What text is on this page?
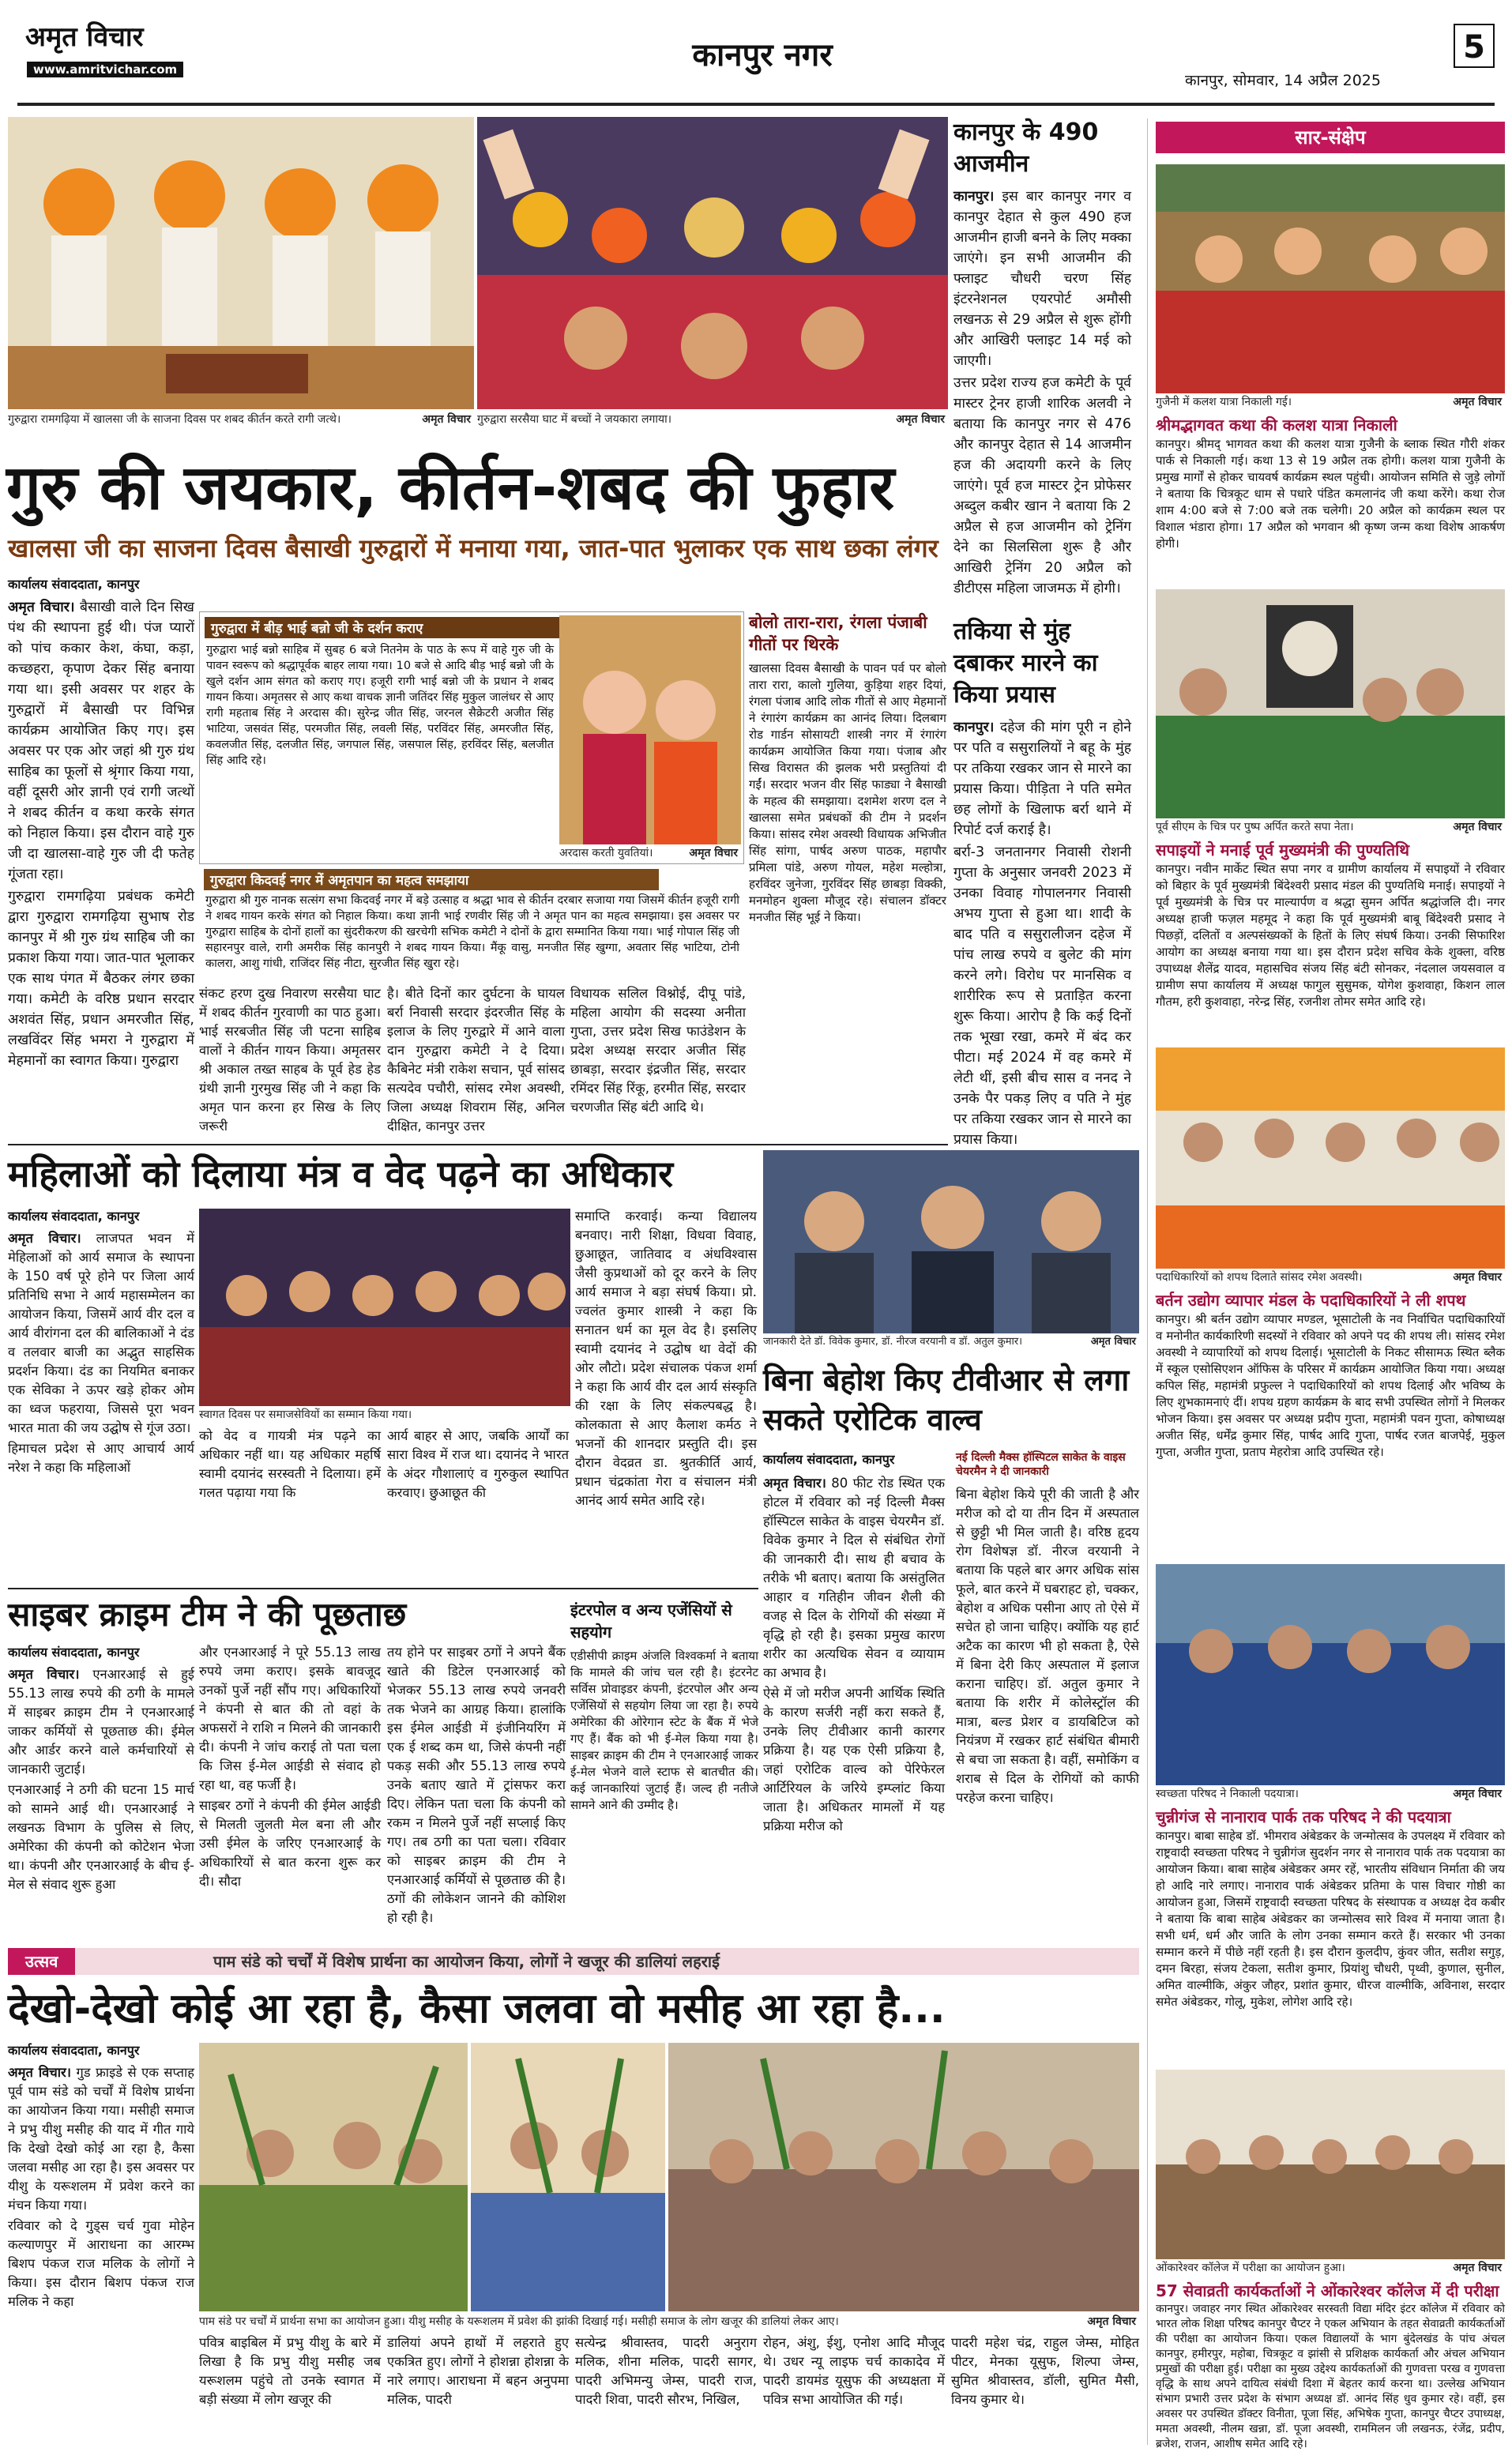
अमृत विचार
www.amritvichar.com	कानपुर नगर
कानपुर, सोमवार, 14 अप्रैल 2025
5
गुरुद्वारा रामगढ़िया में खालसा जी के साजना दिवस पर शबद कीर्तन करते रागी जत्थे।	अमृत विचार गुरुद्वारा सरसैया घाट में बच्चों ने जयकारा लगाया।	अमृत विचार
कानपुर के 490 आजमीन

कानपुर। इस बार कानपुर नगर व कानपुर देहात से कुल 490 हज आजमीन हाजी बनने के लिए मक्का जाएंगे। इन सभी आजमीन की फ्लाइट चौधरी चरण सिंह इंटरनेशनल एयरपोर्ट अमौसी लखनऊ से 29 अप्रैल से शुरू होंगी और आखिरी फ्लाइट 14 मई को जाएगी।

उत्तर प्रदेश राज्य हज कमेटी के पूर्व मास्टर ट्रेनर हाजी शारिक अलवी ने बताया कि कानपुर नगर से 476 और कानपुर देहात से 14 आजमीन हज की अदायगी करने के लिए जाएंगे। पूर्व हज मास्टर ट्रेन प्रोफेसर अब्दुल कबीर खान ने बताया कि 2 अप्रैल से हज आजमीन को ट्रेनिंग देने का सिलसिला शुरू है और आखिरी ट्रेनिंग 20 अप्रैल को डीटीएस महिला जाजमऊ में होगी।

सार-संक्षेप
गुजैनी में कलश यात्रा निकाली गई।	अमृत विचार
श्रीमद्भागवत कथा की कलश यात्रा निकाली

कानपुर। श्रीमद् भागवत कथा की कलश यात्रा गुजैनी के ब्लाक स्थित गौरी शंकर पार्क से निकाली गई। कथा 13 से 19 अप्रैल तक होगी। कलश यात्रा गुजैनी के प्रमुख मार्गों से होकर चायवर्ष कार्यक्रम स्थल पहुंची। आयोजन समिति से जुड़े लोगों ने बताया कि चित्रकूट धाम से पधारे पंडित कमलानंद जी कथा करेंगे। कथा रोज शाम 4:00 बजे से 7:00 बजे तक चलेगी। 20 अप्रैल को कार्यक्रम स्थल पर विशाल भंडारा होगा। 17 अप्रैल को भगवान श्री कृष्ण जन्म कथा विशेष आकर्षण होगी।

पूर्व सीएम के चित्र पर पुष्प अर्पित करते सपा नेता।	अमृत विचार
सपाइयों ने मनाई पूर्व मुख्यमंत्री की पुण्यतिथि

कानपुर। नवीन मार्केट स्थित सपा नगर व ग्रामीण कार्यालय में सपाइयों ने रविवार को बिहार के पूर्व मुख्यमंत्री बिंदेश्वरी प्रसाद मंडल की पुण्यतिथि मनाई। सपाइयों ने पूर्व मुख्यमंत्री के चित्र पर माल्यार्पण व श्रद्धा सुमन अर्पित श्रद्धांजलि दी। नगर अध्यक्ष हाजी फज़ल महमूद ने कहा कि पूर्व मुख्यमंत्री बाबू बिंदेश्वरी प्रसाद ने पिछड़ों, दलितों व अल्पसंख्यकों के हितों के लिए संघर्ष किया। उनकी सिफारिश आयोग का अध्यक्ष बनाया गया था। इस दौरान प्रदेश सचिव केके शुक्ला, वरिष्ठ उपाध्यक्ष शैलेंद्र यादव, महासचिव संजय सिंह बंटी सोनकर, नंदलाल जयसवाल व ग्रामीण सपा कार्यालय में अध्यक्ष फागुल सुसुमक, योगेश कुशवाहा, किशन लाल गौतम, हरी कुशवाहा, नरेन्द्र सिंह, रजनीश तोमर समेत आदि रहे।

पदाधिकारियों को शपथ दिलाते सांसद रमेश अवस्थी।	अमृत विचार
बर्तन उद्योग व्यापार मंडल के पदाधिकारियों ने ली शपथ

कानपुर। श्री बर्तन उद्योग व्यापार मण्डल, भूसाटोली के नव निर्वाचित पदाधिकारियों व मनोनीत कार्यकारिणी सदस्यों ने रविवार को अपने पद की शपथ ली। सांसद रमेश अवस्थी ने व्यापारियों को शपथ दिलाई। भूसाटोली के निकट सीसामऊ स्थित ब्लैक में स्कूल एसोसिएशन ऑफिस के परिसर में कार्यक्रम आयोजित किया गया। अध्यक्ष कपिल सिंह, महामंत्री प्रफुल्ल ने पदाधिकारियों को शपथ दिलाई और भविष्य के लिए शुभकामनाएं दीं। शपथ ग्रहण कार्यक्रम के बाद सभी उपस्थित लोगों ने मिलकर भोजन किया। इस अवसर पर अध्यक्ष प्रदीप गुप्ता, महामंत्री पवन गुप्ता, कोषाध्यक्ष अजीत सिंह, धर्मेंद्र कुमार सिंह, पार्षद आदि गुप्ता, पार्षद रजत बाजपेई, मुकुल गुप्ता, अजीत गुप्ता, प्रताप मेहरोत्रा आदि उपस्थित रहे।

स्वच्छता परिषद ने निकाली पदयात्रा।	अमृत विचार
चुन्नीगंज से नानाराव पार्क तक परिषद ने की पदयात्रा

कानपुर। बाबा साहेब डॉ. भीमराव अंबेडकर के जन्मोत्सव के उपलक्ष्य में रविवार को राष्ट्रवादी स्वच्छता परिषद ने चुन्नीगंज सुदर्शन नगर से नानाराव पार्क तक पदयात्रा का आयोजन किया। बाबा साहेब अंबेडकर अमर रहें, भारतीय संविधान निर्माता की जय हो आदि नारे लगाए। नानाराव पार्क अंबेडकर प्रतिमा के पास विचार गोष्ठी का आयोजन हुआ, जिसमें राष्ट्रवादी स्वच्छता परिषद के संस्थापक व अध्यक्ष देव कबीर ने बताया कि बाबा साहेब अंबेडकर का जन्मोत्सव सारे विश्व में मनाया जाता है। सभी धर्म, धर्म और जाति के लोग उनका सम्मान करते हैं। सरकार भी उनका सम्मान करने में पीछे नहीं रहती है। इस दौरान कुलदीप, कुंवर जीत, सतीश सगुड़, दमन बिरहा, संजय टेकला, सतीश कुमार, प्रियांशु चौधरी, पृथ्वी, कुणाल, सुनील, अमित वाल्मीकि, अंकुर जौहर, प्रशांत कुमार, धीरज वाल्मीकि, अविनाश, सरदार समेत अंबेडकर, गोलू, मुकेश, लोगेश आदि रहे।

ओंकारेश्वर कॉलेज में परीक्षा का आयोजन हुआ।	अमृत विचार
57 सेवाव्रती कार्यकर्ताओं ने ओंकारेश्वर कॉलेज में दी परीक्षा

कानपुर। जवाहर नगर स्थित ओंकारेश्वर सरस्वती विद्या मंदिर इंटर कॉलेज में रविवार को भारत लोक शिक्षा परिषद कानपुर चैप्टर ने एकल अभियान के तहत सेवाव्रती कार्यकर्ताओं की परीक्षा का आयोजन किया। एकल विद्यालयों के भाग बुंदेलखंड के पांच अंचल कानपुर, हमीरपुर, महोबा, चित्रकूट व झांसी से प्रशिक्षक कार्यकर्ता और अंचल अभियान प्रमुखों की परीक्षा हुई। परीक्षा का मुख्य उद्देश्य कार्यकर्ताओं की गुणवत्ता परख व गुणवत्ता वृद्धि के साथ अपने दायित्व संबंधी दिशा में बेहतर कार्य करना था। उल्लेख अभियान संभाग प्रभारी उत्तर प्रदेश के संभाग अध्यक्ष डॉ. आनंद सिंह धुव कुमार रहे। वहीं, इस अवसर पर उपस्थित डॉक्टर विनीता, पूजा सिंह, अभिषेक गुप्ता, कानपुर चैप्टर उपाध्यक्ष, ममता अवस्थी, नीलम खन्ना, डॉ. पूजा अवस्थी, राममिलन जी लखनऊ, रंजेंद्र, प्रदीप, ब्रजेश, राजन, आशीष समेत आदि रहे।

गुरु की जयकार, कीर्तन-शबद की फुहार
खालसा जी का साजना दिवस बैसाखी गुरुद्वारों में मनाया गया, जात-पात भुलाकर एक साथ छका लंगर
तकिया से मुंह दबाकर मारने का किया प्रयास

कानपुर। दहेज की मांग पूरी न होने पर पति व ससुरालियों ने बहू के मुंह पर तकिया रखकर जान से मारने का प्रयास किया। पीड़िता ने पति समेत छह लोगों के खिलाफ बर्रा थाने में रिपोर्ट दर्ज कराई है।

बर्रा-3 जनतानगर निवासी रोशनी गुप्ता के अनुसार जनवरी 2023 में उनका विवाह गोपालनगर निवासी अभय गुप्ता से हुआ था। शादी के बाद पति व ससुरालीजन दहेज में पांच लाख रुपये व बुलेट की मांग करने लगे। विरोध पर मानसिक व शारीरिक रूप से प्रताड़ित करना शुरू किया। आरोप है कि कई दिनों तक भूखा रखा, कमरे में बंद कर पीटा। मई 2024 में वह कमरे में लेटी थीं, इसी बीच सास व ननद ने उनके पैर पकड़ लिए व पति ने मुंह पर तकिया रखकर जान से मारने का प्रयास किया।

कार्यालय संवाददाता, कानपुर

अमृत विचार। बैसाखी वाले दिन सिख पंथ की स्थापना हुई थी। पंज प्यारों को पांच ककार केश, कंघा, कड़ा, कच्छहरा, कृपाण देकर सिंह बनाया गया था। इसी अवसर पर शहर के गुरुद्वारों में बैसाखी पर विभिन्न कार्यक्रम आयोजित किए गए। इस अवसर पर एक ओर जहां श्री गुरु ग्रंथ साहिब का फूलों से श्रृंगार किया गया, वहीं दूसरी ओर ज्ञानी एवं रागी जत्थों ने शबद कीर्तन व कथा करके संगत को निहाल किया। इस दौरान वाहे गुरु जी दा खालसा-वाहे गुरु जी दी फतेह गूंजता रहा।

गुरुद्वारा रामगढ़िया प्रबंधक कमेटी द्वारा गुरुद्वारा रामगढ़िया सुभाष रोड कानपुर में श्री गुरु ग्रंथ साहिब जी का प्रकाश किया गया। जात-पात भूलाकर एक साथ पंगत में बैठकर लंगर छका गया। कमेटी के वरिष्ठ प्रधान सरदार अशवंत सिंह, प्रधान अमरजीत सिंह, लखविंदर सिंह भमरा ने गुरुद्वारा में मेहमानों का स्वागत किया। गुरुद्वारा

गुरुद्वारा में बीड़ भाई बन्नो जी के दर्शन कराए

गुरुद्वारा भाई बन्नो साहिब में सुबह 6 बजे नितनेम के पाठ के रूप में वाहे गुरु जी के पावन स्वरूप को श्रद्धापूर्वक बाहर लाया गया। 10 बजे से आदि बीड़ भाई बन्नो जी के खुले दर्शन आम संगत को कराए गए। हजूरी रागी भाई बन्नो जी के प्रधान ने शबद गायन किया। अमृतसर से आए कथा वाचक ज्ञानी जतिंदर सिंह मुकुल जालंधर से आए रागी महताब सिंह ने अरदास की। सुरेन्द्र जीत सिंह, जरनल सैक्रेटरी अजीत सिंह भाटिया, जसवंत सिंह, परमजीत सिंह, लवली सिंह, परविंदर सिंह, अमरजीत सिंह, कवलजीत सिंह, दलजीत सिंह, जगपाल सिंह, जसपाल सिंह, हरविंदर सिंह, बलजीत सिंह आदि रहे।

अरदास करती युवतियां।	अमृत विचार
बोलो तारा-रारा, रंगला पंजाबी गीतों पर थिरके

खालसा दिवस बैसाखी के पावन पर्व पर बोलो तारा रारा, कालो गुलिया, कुड़िया शहर दियां, रंगला पंजाब आदि लोक गीतों से आए मेहमानों ने रंगारंग कार्यक्रम का आनंद लिया। दिलबाग रोड गार्डन सोसायटी शास्त्री नगर में रंगारंग कार्यक्रम आयोजित किया गया। पंजाब और सिख विरासत की झलक भरी प्रस्तुतियां दी गईं। सरदार भजन वीर सिंह फाड्या ने बैसाखी के महत्व की समझाया। दशमेश शरण दल ने खालसा समेत प्रबंधकों की टीम ने प्रदर्शन किया। सांसद रमेश अवस्थी विधायक अभिजीत सिंह सांगा, पार्षद अरुण पाठक, महापौर प्रमिला पांडे, अरुण गोयल, महेश मल्होत्रा, हरविंदर जुनेजा, गुरविंदर सिंह छाबड़ा विक्की, मनमोहन शुक्ला मौजूद रहे। संचालन डॉक्टर मनजीत सिंह भूई ने किया।

गुरुद्वारा किदवई नगर में अमृतपान का महत्व समझाया

गुरुद्वारा श्री गुरु नानक सत्संग सभा किदवई नगर में बड़े उत्साह व श्रद्धा भाव से कीर्तन दरबार सजाया गया जिसमें कीर्तन हजूरी रागी ने शबद गायन करके संगत को निहाल किया। कथा ज्ञानी भाई रणवीर सिंह जी ने अमृत पान का महत्व समझाया। इस अवसर पर गुरुद्वारा साहिब के दोनों हालों का सुंदरीकरण की खरचेगी सभिक कमेटी ने दोनों के द्वारा सम्मानित किया गया। भाई गोपाल सिंह जी सहारनपुर वाले, रागी अमरीक सिंह कानपुरी ने शबद गायन किया। मैंकू वासु, मनजीत सिंह खुग्गा, अवतार सिंह भाटिया, टोनी कालरा, आशु गांधी, राजिंदर सिंह नीटा, सुरजीत सिंह खुरा रहे।

संकट हरण दुख निवारण सरसैया घाट में शबद कीर्तन गुरवाणी का पाठ हुआ। भाई सरबजीत सिंह जी पटना साहिब वालों ने कीर्तन गायन किया। अमृतसर श्री अकाल तख्त साहब के पूर्व हेड हेड ग्रंथी ज्ञानी गुरमुख सिंह जी ने कहा कि अमृत पान करना हर सिख के लिए जरूरी

है। बीते दिनों कार दुर्घटना के घायल बर्रा निवासी सरदार इंदरजीत सिंह के इलाज के लिए गुरुद्वारे में आने वाला दान गुरुद्वारा कमेटी ने दे दिया। कैबिनेट मंत्री राकेश सचान, पूर्व सांसद सत्यदेव पचौरी, सांसद रमेश अवस्थी, जिला अध्यक्ष शिवराम सिंह, अनिल दीक्षित, कानपुर उत्तर

विधायक सलिल विश्नोई, दीपू पांडे, महिला आयोग की सदस्या अनीता गुप्ता, उत्तर प्रदेश सिख फाउंडेशन के प्रदेश अध्यक्ष सरदार अजीत सिंह छाबड़ा, सरदार इंद्रजीत सिंह, सरदार रमिंदर सिंह रिंकू, हरमीत सिंह, सरदार चरणजीत सिंह बंटी आदि थे।

महिलाओं को दिलाया मंत्र व वेद पढ़ने का अधिकार

कार्यालय संवाददाता, कानपुर

अमृत विचार। लाजपत भवन में मेहिलाओं को आर्य समाज के स्थापना के 150 वर्ष पूरे होने पर जिला आर्य प्रतिनिधि सभा ने आर्य महासम्मेलन का आयोजन किया, जिसमें आर्य वीर दल व आर्य वीरांगना दल की बालिकाओं ने दंड व तलवार बाजी का अद्भुत साहसिक प्रदर्शन किया। दंड का नियमित बनाकर एक सेविका ने ऊपर खड़े होकर ओम का ध्वज फहराया, जिससे पूरा भवन भारत माता की जय उद्घोष से गूंज उठा।

हिमाचल प्रदेश से आए आचार्य आर्य नरेश ने कहा कि महिलाओं

स्वागत दिवस पर समाजसेवियों का सम्मान किया गया।

को वेद व गायत्री मंत्र पढ़ने का अधिकार नहीं था। यह अधिकार महर्षि स्वामी दयानंद सरस्वती ने दिलाया। हमें गलत पढ़ाया गया कि

आर्य बाहर से आए, जबकि आर्यों का सारा विश्व में राज था। दयानंद ने भारत के अंदर गौशालाएं व गुरुकुल स्थापित करवाए। छुआछूत की

समाप्ति करवाई। कन्या विद्यालय बनवाए। नारी शिक्षा, विधवा विवाह, छुआछूत, जातिवाद व अंधविश्वास जैसी कुप्रथाओं को दूर करने के लिए आर्य समाज ने बड़ा संघर्ष किया। प्रो. ज्वलंत कुमार शास्त्री ने कहा कि सनातन धर्म का मूल वेद है। इसलिए स्वामी दयानंद ने उद्घोष था वेदों की ओर लौटो। प्रदेश संचालक पंकज शर्मा ने कहा कि आर्य वीर दल आर्य संस्कृति की रक्षा के लिए संकल्पबद्ध है। कोलकाता से आए कैलाश कर्मठ ने भजनों की शानदार प्रस्तुति दी। इस दौरान वेदव्रत डा. श्रुतकीर्ति आर्य, प्रधान चंद्रकांता गेरा व संचालन मंत्री आनंद आर्य समेत आदि रहे।

जानकारी देते डॉ. विवेक कुमार, डॉ. नीरज वरयानी व डॉ. अतुल कुमार।	अमृत विचार
बिना बेहोश किए टीवीआर से लगा सकते एरोटिक वाल्व

कार्यालय संवाददाता, कानपुर

अमृत विचार। 80 फीट रोड स्थित एक होटल में रविवार को नई दिल्ली मैक्स हॉस्पिटल साकेत के वाइस चेयरमैन डॉ. विवेक कुमार ने दिल से संबंधित रोगों की जानकारी दी। साथ ही बचाव के तरीके भी बताए। बताया कि असंतुलित आहार व गतिहीन जीवन शैली की वजह से दिल के रोगियों की संख्या में वृद्धि हो रही है। इसका प्रमुख कारण शरीर का अत्यधिक सेवन व व्यायाम का अभाव है।

ऐसे में जो मरीज अपनी आर्थिक स्थिति के कारण सर्जरी नहीं करा सकते हैं, उनके लिए टीवीआर कानी कारगर प्रक्रिया है। यह एक ऐसी प्रक्रिया है, जहां एरोटिक वाल्व को पेरिफेरल आर्टिरियल के जरिये इम्प्लांट किया जाता है। अधिकतर मामलों में यह प्रक्रिया मरीज को

नई दिल्ली मैक्स हॉस्पिटल साकेत के वाइस चेयरमैन ने दी जानकारी

बिना बेहोश किये पूरी की जाती है और मरीज को दो या तीन दिन में अस्पताल से छुट्टी भी मिल जाती है। वरिष्ठ हृदय रोग विशेषज्ञ डॉ. नीरज वरयानी ने बताया कि पहले बार अगर अधिक सांस फूले, बात करने में घबराहट हो, चक्कर, बेहोश व अधिक पसीना आए तो ऐसे में सचेत हो जाना चाहिए। क्योंकि यह हार्ट अटैक का कारण भी हो सकता है, ऐसे में बिना देरी किए अस्पताल में इलाज कराना चाहिए। डॉ. अतुल कुमार ने बताया कि शरीर में कोलेस्ट्रॉल की मात्रा, बल्ड प्रेशर व डायबिटिज को नियंत्रण में रखकर हार्ट संबंधित बीमारी से बचा जा सकता है। वहीं, समोकिंग व शराब से दिल के रोगियों को काफी परहेज करना चाहिए।

साइबर क्राइम टीम ने की पूछताछ

कार्यालय संवाददाता, कानपुर

अमृत विचार। एनआरआई से हुई 55.13 लाख रुपये की ठगी के मामले में साइबर क्राइम टीम ने एनआरआई जाकर कर्मियों से पूछताछ की। ईमेल और आर्डर करने वाले कर्मचारियों से जानकारी जुटाई।

एनआरआई ने ठगी की घटना 15 मार्च को सामने आई थी। एनआरआई ने लखनऊ विभाग के पुलिस से लिए, अमेरिका की कंपनी को कोटेशन भेजा था। कंपनी और एनआरआई के बीच ई-मेल से संवाद शुरू हुआ

और एनआरआई ने पूरे 55.13 लाख रुपये जमा कराए। इसके बावजूद उनकों पुर्जे नहीं सौंप गए। अधिकारियों ने कंपनी से बात की तो वहां के अफसरों ने राशि न मिलने की जानकारी दी। कंपनी ने जांच कराई तो पता चला कि जिस ई-मेल आईडी से संवाद हो रहा था, वह फर्जी है।

साइबर ठगों ने कंपनी की ईमेल आईडी से मिलती जुलती मेल बना ली और उसी ईमेल के जरिए एनआरआई के अधिकारियों से बात करना शुरू कर दी। सौदा

तय होने पर साइबर ठगों ने अपने बैंक खाते की डिटेल एनआरआई को भेजकर 55.13 लाख रुपये जनवरी तक भेजने का आग्रह किया। हालांकि इस ईमेल आईडी में इंजीनियरिंग में एक ई शब्द कम था, जिसे कंपनी नहीं पकड़ सकी और 55.13 लाख रुपये उनके बताए खाते में ट्रांसफर करा दिए। लेकिन पता चला कि कंपनी को रकम न मिलने पुर्जे नहीं सप्लाई किए गए। तब ठगी का पता चला। रविवार को साइबर क्राइम की टीम ने एनआरआई कर्मियों से पूछताछ की है। ठगों की लोकेशन जानने की कोशिश हो रही है।

इंटरपोल व अन्य एजेंसियों से सहयोग

एडीसीपी क्राइम अंजलि विश्वकर्मा ने बताया कि मामले की जांच चल रही है। इंटरनेट सर्विस प्रोवाइडर कंपनी, इंटरपोल और अन्य एजेंसियों से सहयोग लिया जा रहा है। रुपये अमेरिका की ओरेगान स्टेट के बैंक में भेजे गए हैं। बैंक को भी ई-मेल किया गया है। साइबर क्राइम की टीम ने एनआरआई जाकर ई-मेल भेजने वाले स्टाफ से बातचीत की। कई जानकारियां जुटाई हैं। जल्द ही नतीजे सामने आने की उम्मीद है।

उत्सव	पाम संडे को चर्चों में विशेष प्रार्थना का आयोजन किया, लोगों ने खजूर की डालियां लहराई
देखो-देखो कोई आ रहा है, कैसा जलवा वो मसीह आ रहा है...

कार्यालय संवाददाता, कानपुर

अमृत विचार। गुड फ्राइडे से एक सप्ताह पूर्व पाम संडे को चर्चों में विशेष प्रार्थना का आयोजन किया गया। मसीही समाज ने प्रभु यीशु मसीह की याद में गीत गाये कि देखो देखो कोई आ रहा है, कैसा जलवा मसीह आ रहा है। इस अवसर पर यीशु के यरूशलम में प्रवेश करने का मंचन किया गया।

रविवार को दे गुड्स चर्च गुवा मोहेन कल्याणपुर में आराधना का आरम्भ बिशप पंकज राज मलिक के लोगों ने किया। इस दौरान बिशप पंकज राज मलिक ने कहा

पाम संडे पर चर्चों में प्रार्थना सभा का आयोजन हुआ। यीशु मसीह के यरूशलम में प्रवेश की झांकी दिखाई गई। मसीही समाज के लोग खजूर की डालियां लेकर आए।	अमृत विचार

पवित्र बाइबिल में प्रभु यीशु के बारे में लिखा है कि प्रभु यीशु मसीह जब यरूशलम पहुंचे तो उनके स्वागत में बड़ी संख्या में लोग खजूर की

डालियां अपने हाथों में लहराते हुए एकत्रित हुए। लोगों ने होशन्ना होशन्ना के नारे लगाए। आराधना में बहन अनुपमा मलिक, पादरी

सत्येन्द्र श्रीवास्तव, पादरी अनुराग मलिक, शीना मलिक, पादरी सागर, पादरी अभिमन्यु जेम्स, पादरी राज, पादरी शिवा, पादरी सौरभ, निखिल,

रोहन, अंशु, ईशु, एनोश आदि मौजूद थे। उधर न्यू लाइफ चर्च काकादेव में पादरी डायमंड यूसुफ की अध्यक्षता में पवित्र सभा आयोजित की गई।

पादरी महेश चंद्र, राहुल जेम्स, मोहित पीटर, मेनका यूसुफ, शिल्पा जेम्स, सुमित श्रीवास्तव, डॉली, सुमित मैसी, विनय कुमार थे।
